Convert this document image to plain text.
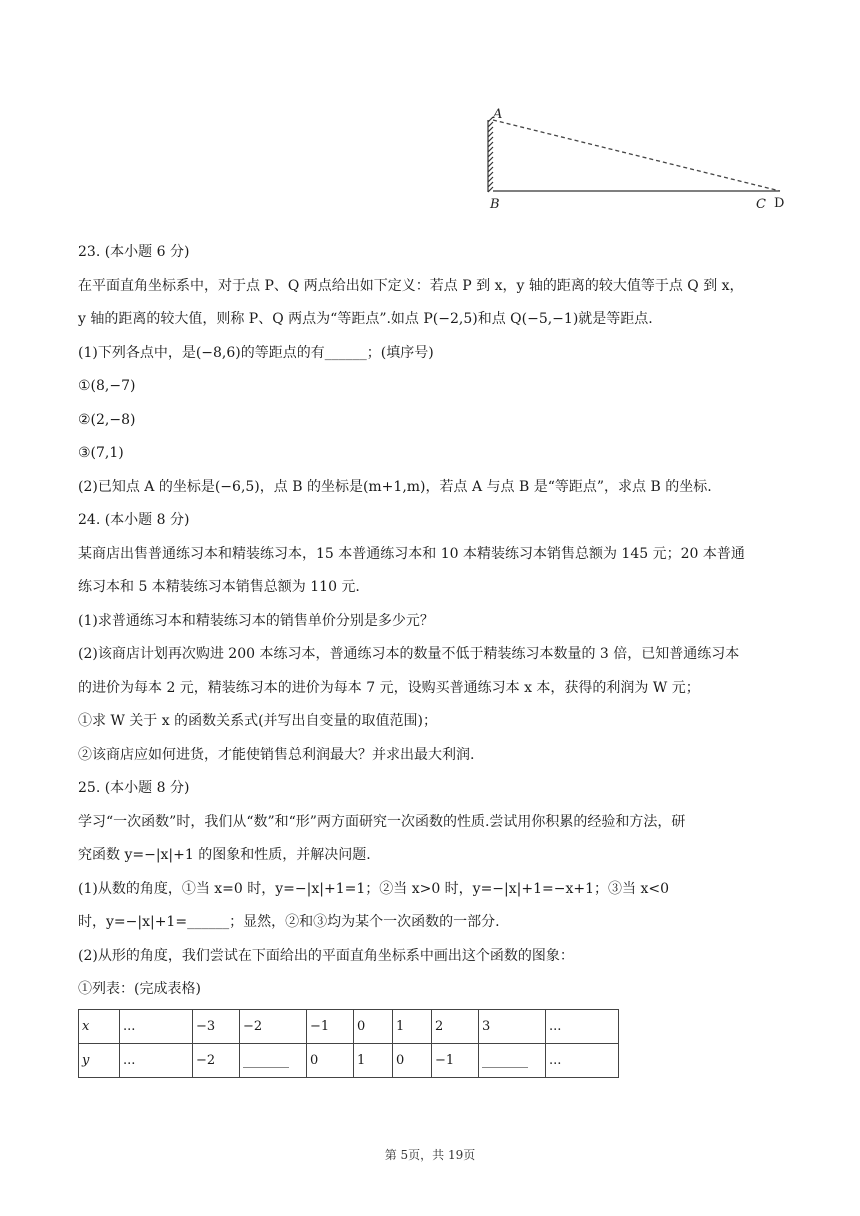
A
B	C D
23. (本小题 6 分)
在平面直角坐标系中，对于点 P、Q 两点给出如下定义：若点 P 到 x，y 轴的距离的较大值等于点 Q 到 x，
y 轴的距离的较大值，则称 P、Q 两点为“等距点”.如点 P(−2,5)和点 Q(−5,−1)就是等距点.
(1)下列各点中，是(−8,6)的等距点的有______；(填序号)
①(8,−7)
②(2,−8)
③(7,1)
(2)已知点 A 的坐标是(−6,5)，点 B 的坐标是(m+1,m)，若点 A 与点 B 是“等距点”，求点 B 的坐标.
24. (本小题 8 分)
某商店出售普通练习本和精装练习本，15 本普通练习本和 10 本精装练习本销售总额为 145 元；20 本普通
练习本和 5 本精装练习本销售总额为 110 元.
(1)求普通练习本和精装练习本的销售单价分别是多少元？
(2)该商店计划再次购进 200 本练习本，普通练习本的数量不低于精装练习本数量的 3 倍，已知普通练习本
的进价为每本 2 元，精装练习本的进价为每本 7 元，设购买普通练习本 x 本，获得的利润为 W 元；
①求 W 关于 x 的函数关系式(并写出自变量的取值范围)；
②该商店应如何进货，才能使销售总利润最大？并求出最大利润.
25. (本小题 8 分)
学习“一次函数”时，我们从“数”和“形”两方面研究一次函数的性质.尝试用你积累的经验和方法，研
究函数 y=−|x|+1 的图象和性质，并解决问题.
(1)从数的角度，①当 x=0 时，y=−|x|+1=1；②当 x>0 时，y=−|x|+1=−x+1；③当 x<0
时，y=−|x|+1=______；显然，②和③均为某个一次函数的一部分.
(2)从形的角度，我们尝试在下面给出的平面直角坐标系中画出这个函数的图象：
①列表：(完成表格)
x	...	−3	−2	−1	0	1	2	3	...
y	...	−2		0	1	0	−1		...
第 5页，共 19页
